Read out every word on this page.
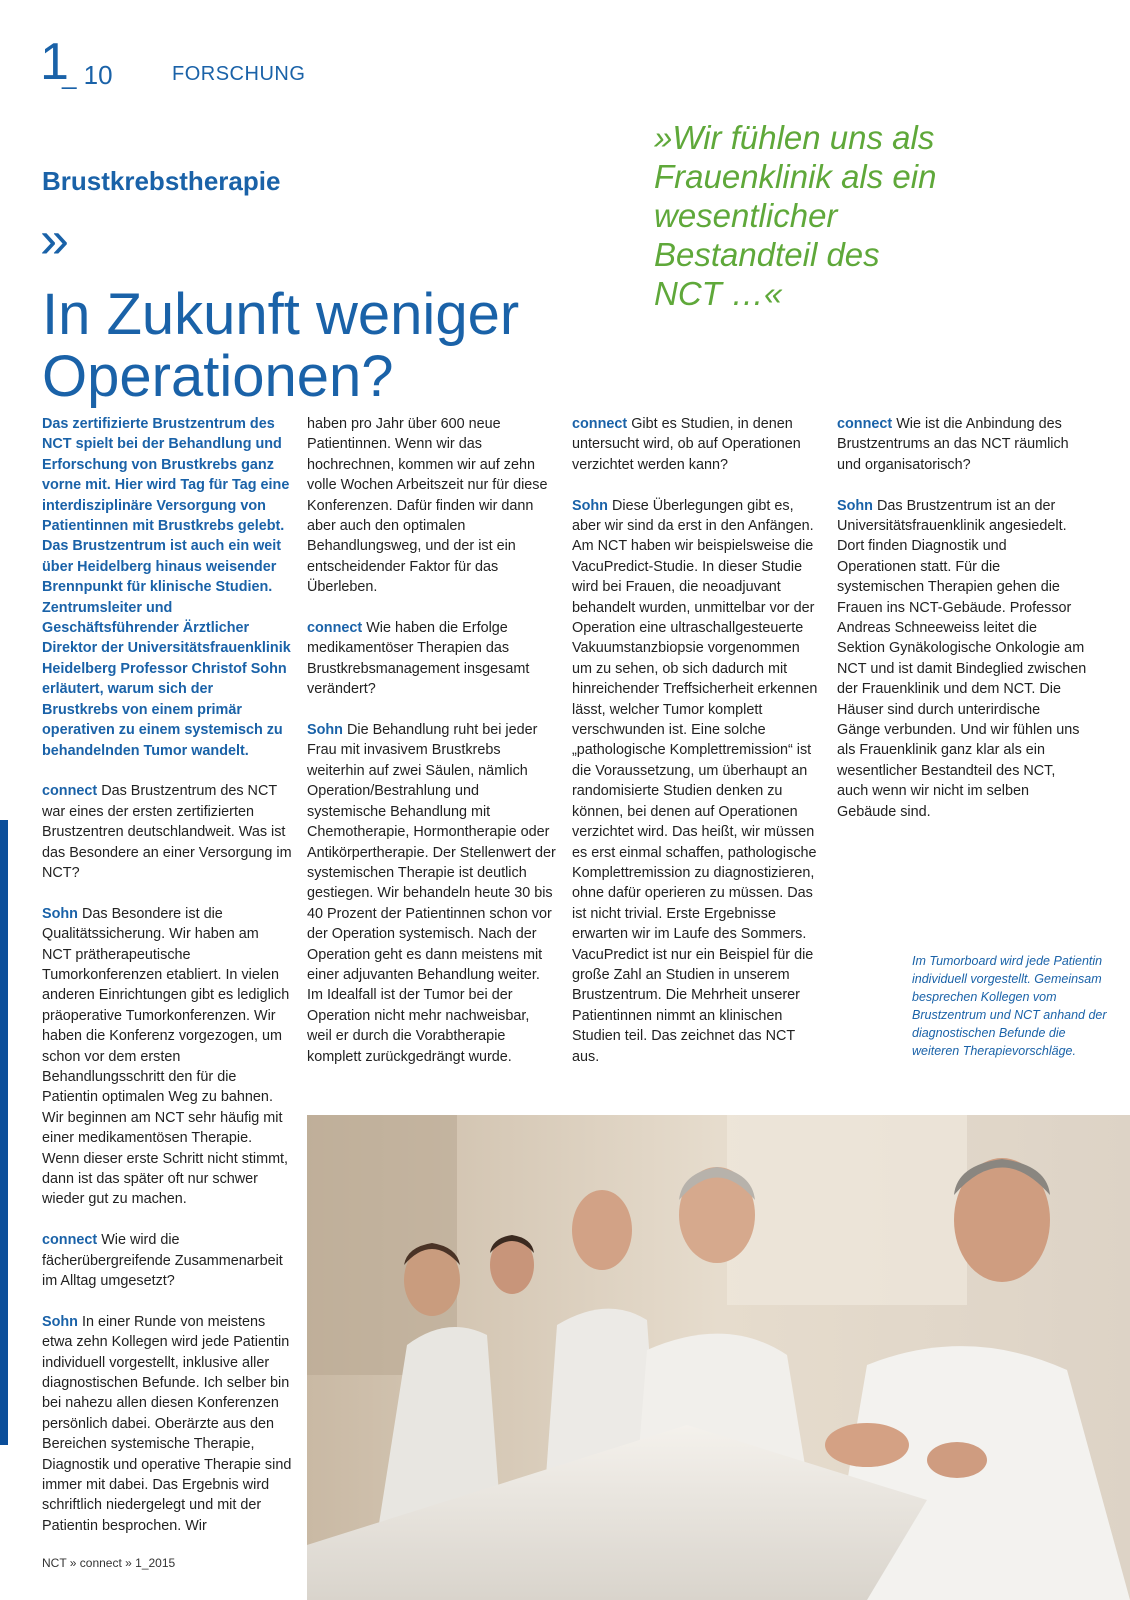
1
_ 10	FORSCHUNG
Brustkrebstherapie
»
In Zukunft weniger Operationen?
»Wir fühlen uns als Frauenklinik als ein wesentlicher Bestandteil des NCT …«

Das zertifizierte Brustzentrum des NCT spielt bei der Behandlung und Erforschung von Brustkrebs ganz vorne mit. Hier wird Tag für Tag eine interdisziplinäre Versorgung von Patientinnen mit Brustkrebs gelebt. Das Brustzentrum ist auch ein weit über Heidelberg hinaus weisender Brennpunkt für klinische Studien. Zentrumsleiter und Geschäftsführender Ärztlicher Direktor der Universitätsfrauenklinik Heidelberg Professor Christof Sohn erläutert, warum sich der Brustkrebs von einem primär operativen zu einem systemisch zu behandelnden Tumor wandelt.

connect Das Brustzentrum des NCT war eines der ersten zertifizierten Brustzentren deutschlandweit. Was ist das Besondere an einer Versorgung im NCT?

Sohn Das Besondere ist die Qualitätssicherung. Wir haben am NCT prätherapeutische Tumorkonferenzen etabliert. In vielen anderen Einrichtungen gibt es lediglich präoperative Tumorkonferenzen. Wir haben die Konferenz vorgezogen, um schon vor dem ersten Behandlungsschritt den für die Patientin optimalen Weg zu bahnen. Wir beginnen am NCT sehr häufig mit einer medikamentösen Therapie. Wenn dieser erste Schritt nicht stimmt, dann ist das später oft nur schwer wieder gut zu machen.

connect Wie wird die fächerübergreifende Zusammenarbeit im Alltag umgesetzt?

Sohn In einer Runde von meistens etwa zehn Kollegen wird jede Patientin individuell vorgestellt, inklusive aller diagnostischen Befunde. Ich selber bin bei nahezu allen diesen Konferenzen persönlich dabei. Oberärzte aus den Bereichen systemische Therapie, Diagnostik und operative Therapie sind immer mit dabei. Das Ergebnis wird schriftlich niedergelegt und mit der Patientin besprochen. Wir

haben pro Jahr über 600 neue Patientinnen. Wenn wir das hochrechnen, kommen wir auf zehn volle Wochen Arbeitszeit nur für diese Konferenzen. Dafür finden wir dann aber auch den optimalen Behandlungsweg, und der ist ein entscheidender Faktor für das Überleben.

connect Wie haben die Erfolge medikamentöser Therapien das Brustkrebsmanagement insgesamt verändert?

Sohn Die Behandlung ruht bei jeder Frau mit invasivem Brustkrebs weiterhin auf zwei Säulen, nämlich Operation/Bestrahlung und systemische Behandlung mit Chemotherapie, Hormontherapie oder Antikörpertherapie. Der Stellenwert der systemischen Therapie ist deutlich gestiegen. Wir behandeln heute 30 bis 40 Prozent der Patientinnen schon vor der Operation systemisch. Nach der Operation geht es dann meistens mit einer adjuvanten Behandlung weiter. Im Idealfall ist der Tumor bei der Operation nicht mehr nachweisbar, weil er durch die Vorabtherapie komplett zurückgedrängt wurde.

connect Gibt es Studien, in denen untersucht wird, ob auf Operationen verzichtet werden kann?

Sohn Diese Überlegungen gibt es, aber wir sind da erst in den Anfängen. Am NCT haben wir beispielsweise die VacuPredict-Studie. In dieser Studie wird bei Frauen, die neoadjuvant behandelt wurden, unmittelbar vor der Operation eine ultraschallgesteuerte Vakuumstanzbiopsie vorgenommen um zu sehen, ob sich dadurch mit hinreichender Treffsicherheit erkennen lässt, welcher Tumor komplett verschwunden ist. Eine solche „pathologische Komplettremission“ ist die Voraussetzung, um überhaupt an randomisierte Studien denken zu können, bei denen auf Operationen verzichtet wird. Das heißt, wir müssen es erst einmal schaffen, pathologische Komplettremission zu diagnostizieren, ohne dafür operieren zu müssen. Das ist nicht trivial. Erste Ergebnisse erwarten wir im Laufe des Sommers. VacuPredict ist nur ein Beispiel für die große Zahl an Studien in unserem Brustzentrum. Die Mehrheit unserer Patientinnen nimmt an klinischen Studien teil. Das zeichnet das NCT aus.

connect Wie ist die Anbindung des Brustzentrums an das NCT räumlich und organisatorisch?

Sohn Das Brustzentrum ist an der Universitätsfrauenklinik angesiedelt. Dort finden Diagnostik und Operationen statt. Für die systemischen Therapien gehen die Frauen ins NCT-Gebäude. Professor Andreas Schneeweiss leitet die Sektion Gynäkologische Onkologie am NCT und ist damit Bindeglied zwischen der Frauenklinik und dem NCT. Die Häuser sind durch unterirdische Gänge verbunden. Und wir fühlen uns als Frauenklinik ganz klar als ein wesentlicher Bestandteil des NCT, auch wenn wir nicht im selben Gebäude sind.

Im Tumorboard wird jede Patientin individuell vorgestellt. Gemeinsam besprechen Kollegen vom Brustzentrum und NCT anhand der diagnostischen Befunde die weiteren Therapievorschläge.
NCT » connect » 1_2015
